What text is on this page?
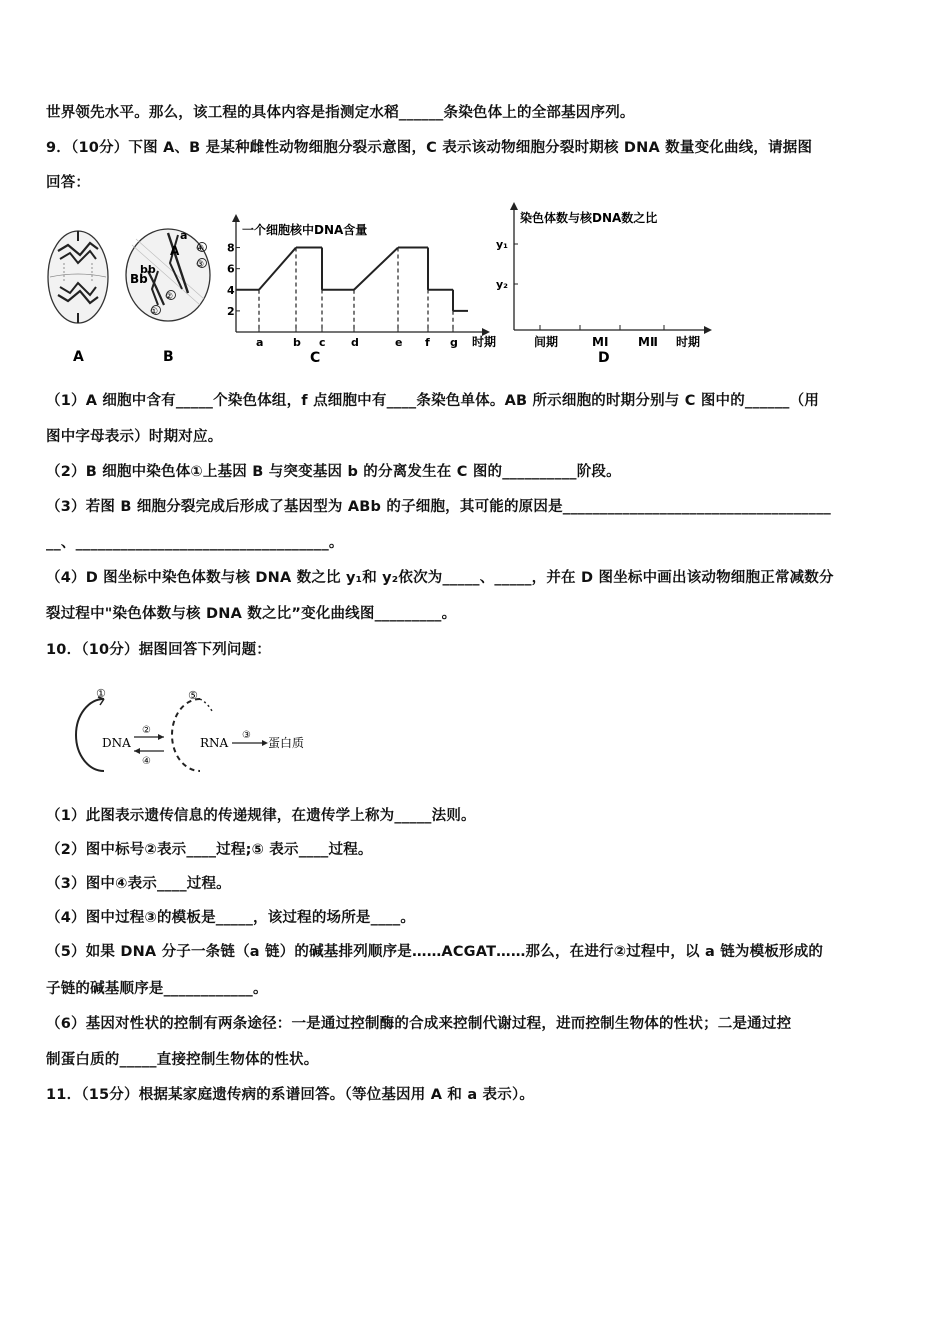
世界领先水平。那么，该工程的具体内容是指测定水稻______条染色体上的全部基因序列。
9．（10分）下图 A、B 是某种雌性动物细胞分裂示意图，C 表示该动物细胞分裂时期核 DNA 数量变化曲线，请据图
回答：
a
A
Bb
bb
④
③
②
①
A	B
一个细胞核中DNA含量
2
4
6
8
a	b c d	e f g 时期
C
染色体数与核DNA数之比
y₁
y₂
间期	MⅠ MⅡ 时期
D
（1）A 细胞中含有_____个染色体组，f 点细胞中有____条染色单体。AB 所示细胞的时期分别与 C 图中的______（用
图中字母表示）时期对应。
（2）B 细胞中染色体①上基因 B 与突变基因 b 的分离发生在 C 图的__________阶段。
（3）若图 B 细胞分裂完成后形成了基因型为 ABb 的子细胞，其可能的原因是____________________________________
__、__________________________________。
（4）D 图坐标中染色体数与核 DNA 数之比 y₁和 y₂依次为_____、_____，并在 D 图坐标中画出该动物细胞正常减数分
裂过程中"染色体数与核 DNA 数之比”变化曲线图_________。
10．（10分）据图回答下列问题：
①	⑤
DNA
②
④
RNA
③
蛋白质
（1）此图表示遗传信息的传递规律，在遗传学上称为_____法则。
（2）图中标号②表示____过程;⑤ 表示____过程。
（3）图中④表示____过程。
（4）图中过程③的模板是_____，该过程的场所是____。
（5）如果 DNA 分子一条链（a 链）的碱基排列顺序是……ACGAT……那么，在进行②过程中，以 a 链为模板形成的
子链的碱基顺序是____________。
（6）基因对性状的控制有两条途径：一是通过控制酶的合成来控制代谢过程，进而控制生物体的性状；二是通过控
制蛋白质的_____直接控制生物体的性状。
11．（15分）根据某家庭遗传病的系谱回答。（等位基因用 A 和 a 表示）。
